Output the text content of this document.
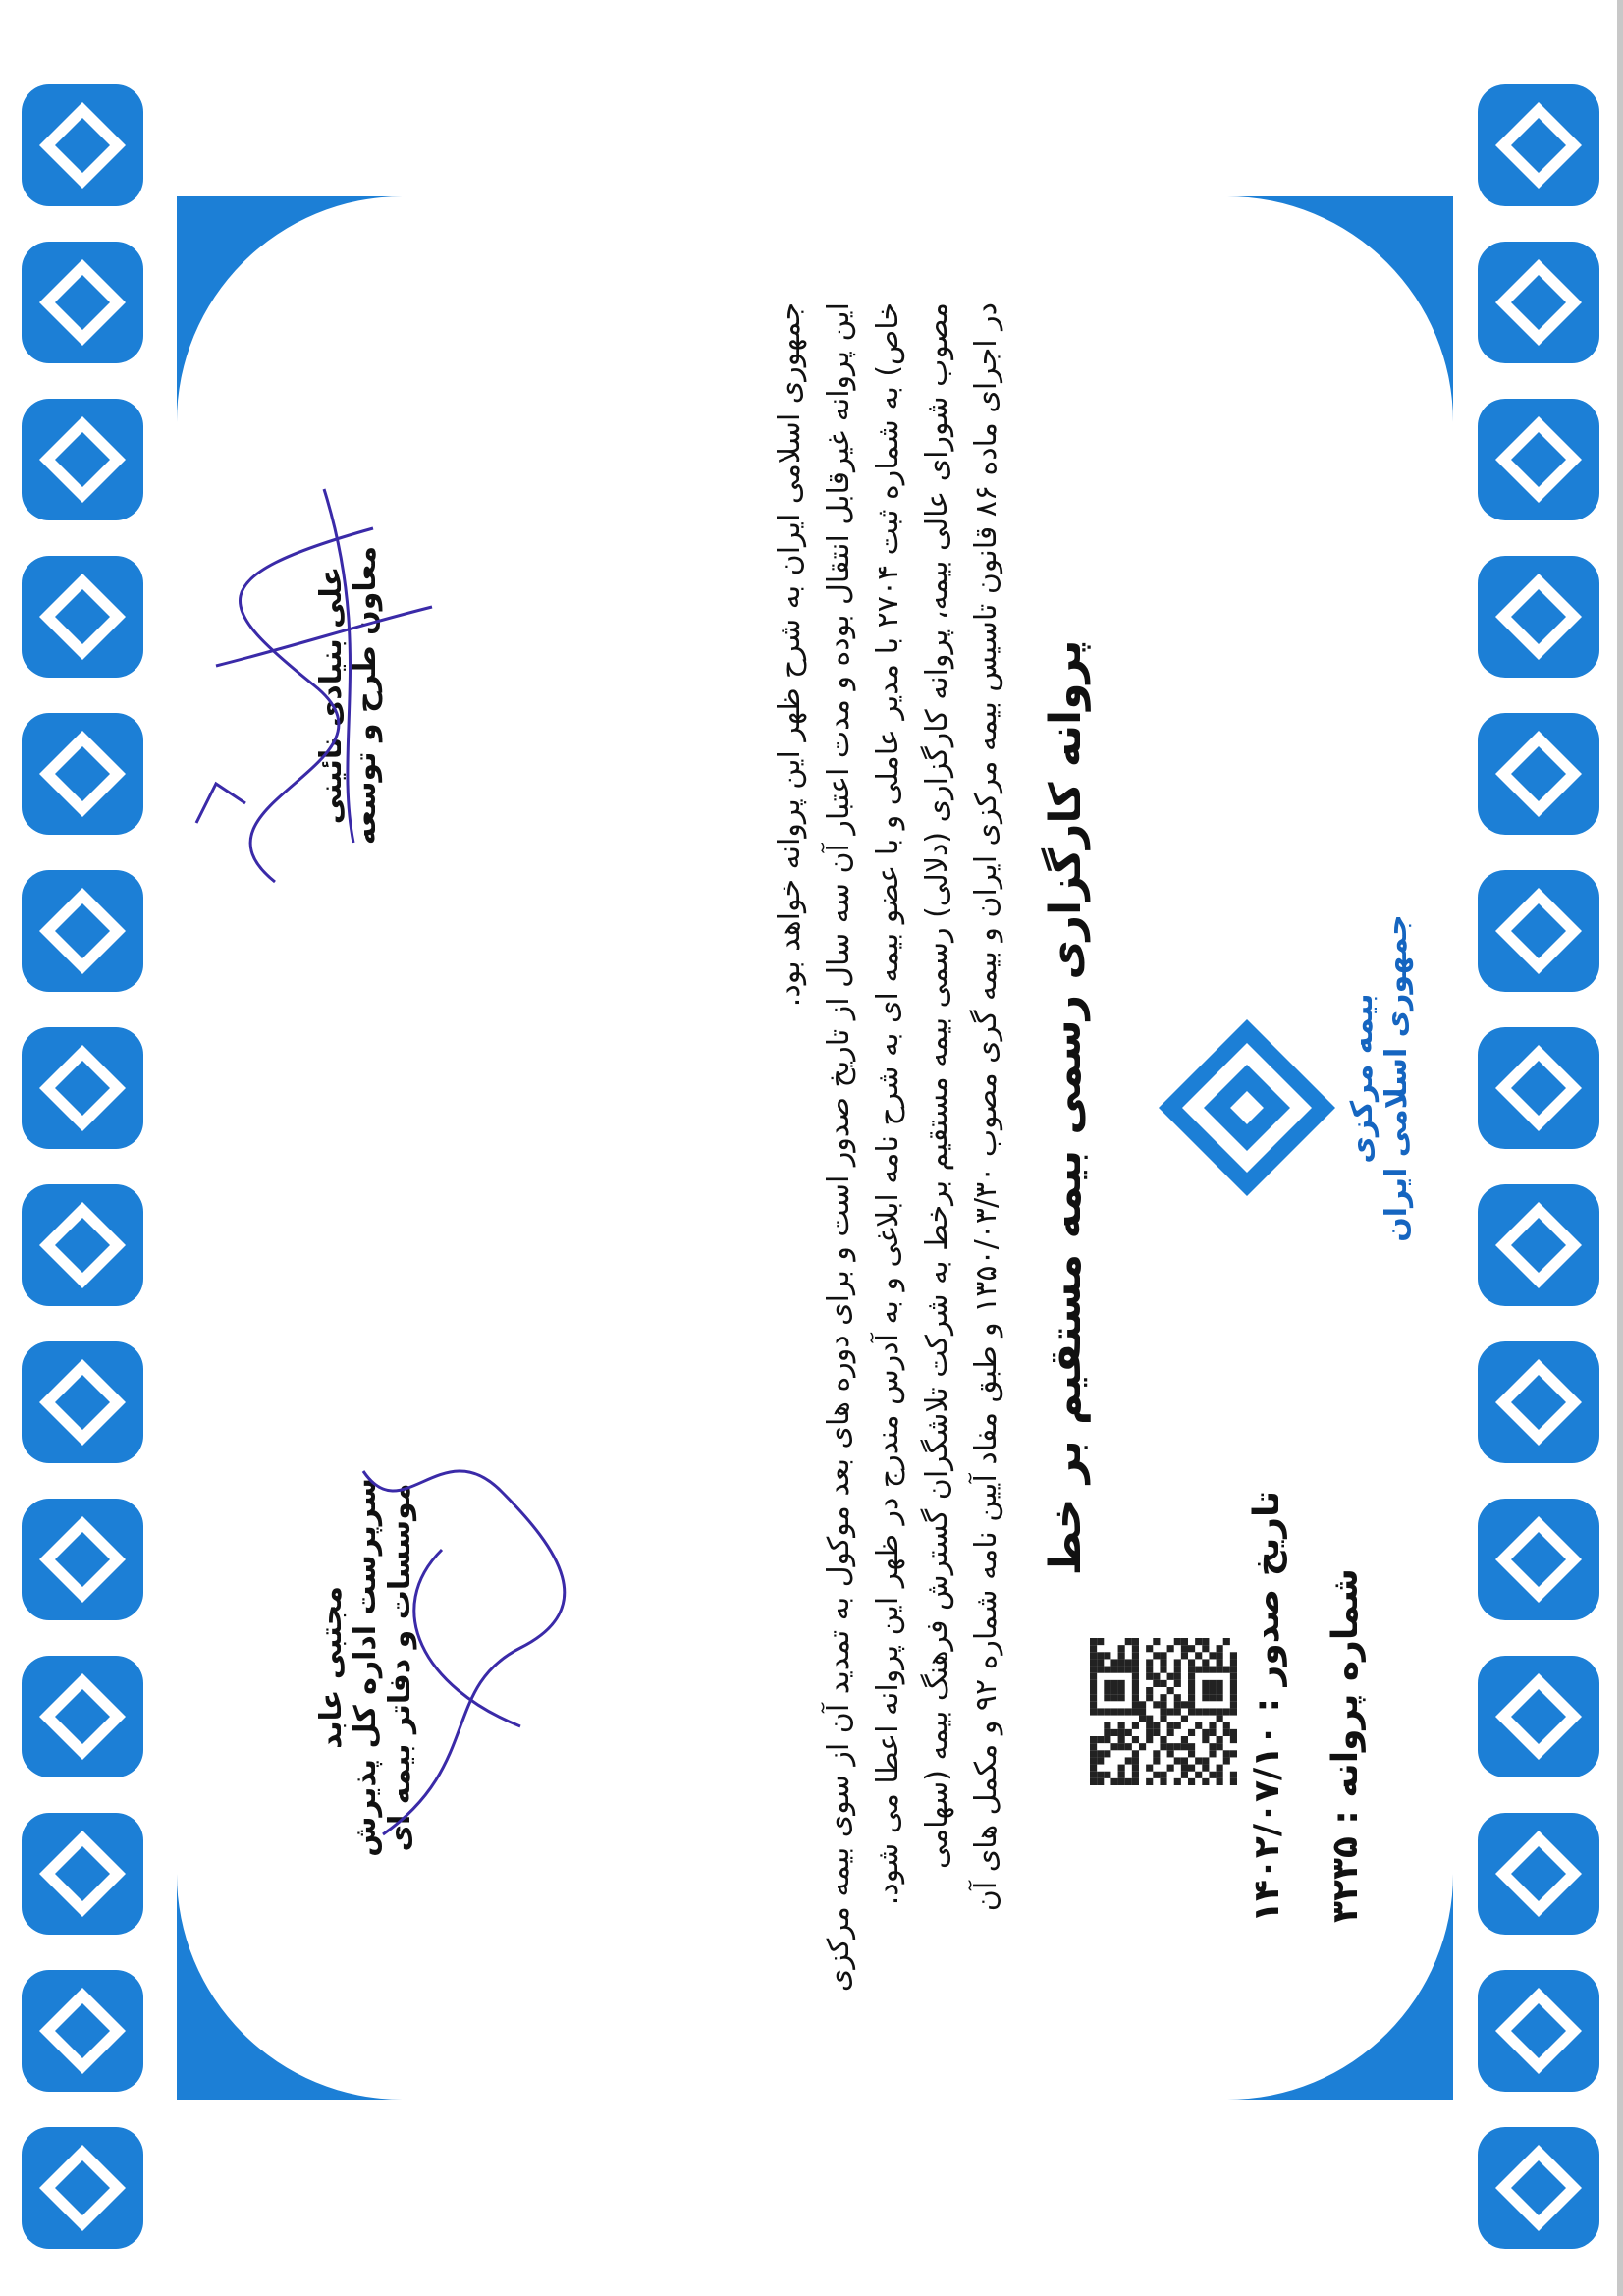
بیمه مرکزی جمهوری اسلامی ایران
پروانه کارگزاری رسمی بیمه مستقیم بر خط
شماره پروانه : ۳۲۳۵
تاریخ صدور : ۱۴۰۲/۰۷/۱۰
در اجرای ماده ۸۶ قانون تاسیس بیمه مرکزی ایران و بیمه گری مصوب ۱۳۵۰/۰۳/۳۰ و طبق مفاد آیین نامه شماره ۹۲ و مکمل های آن
مصوب شورای عالی بیمه، پروانه کارگزاری (دلالی) رسمی بیمه مستقیم برخط به شرکت تلاشگران گسترش فرهنگ بیمه (سهامی
خاص) به شماره ثبت ۲۷۰۴ با مدیر عاملی و با عضو بیمه ای به شرح نامه ابلاغی و به آدرس مندرج در ظهر این پروانه اعطا می شود.
این پروانه غیرقابل انتقال بوده و مدت اعتبار آن سه سال از تاریخ صدور است و برای دوره های بعد موکول به تمدید آن از سوی بیمه مرکزی
جمهوری اسلامی ایران به شرح ظهر این پروانه خواهد بود.
مجتبی عابد سرپرست اداره کل پذیرش موسسات و دفاتر بیمه ای
علی بنیادی نائینی معاون طرح و توسعه
